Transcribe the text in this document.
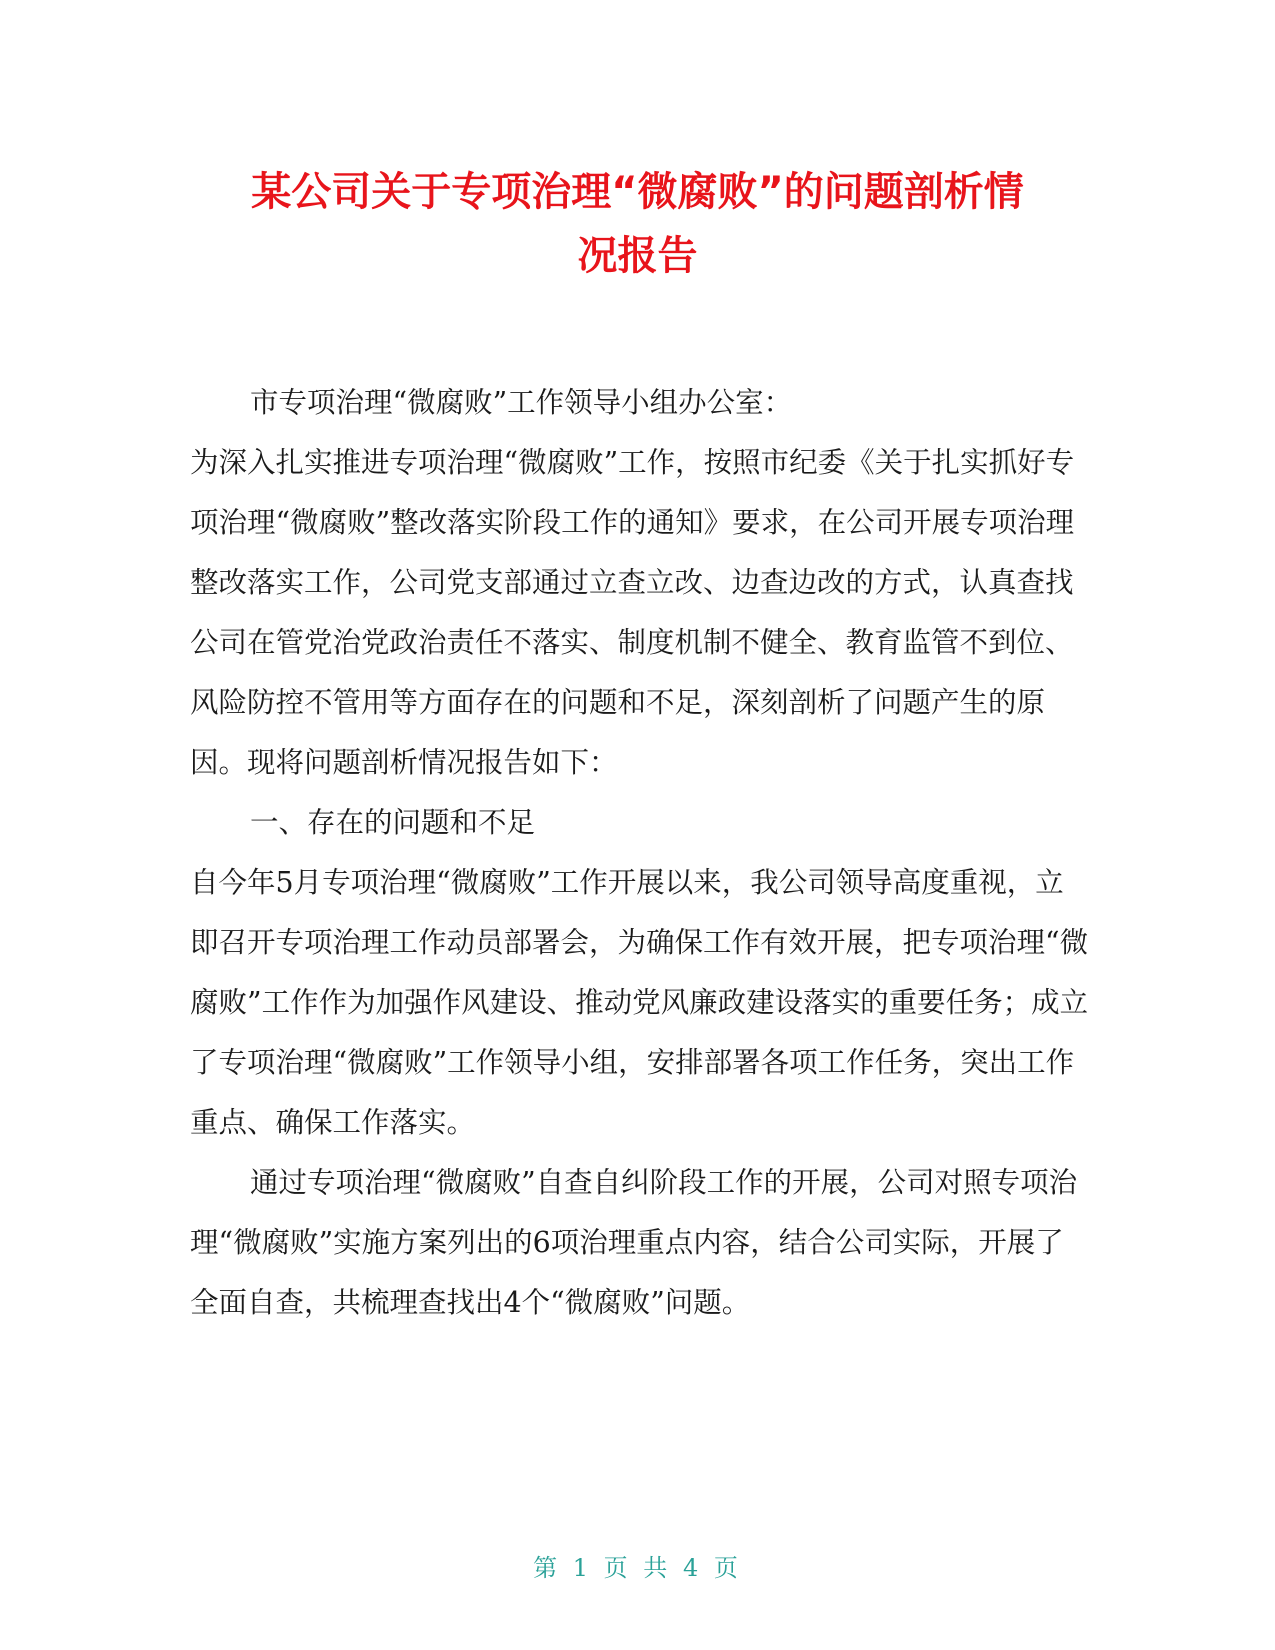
某公司关于专项治理“微腐败”的问题剖析情
况报告

市专项治理“微腐败”工作领导小组办公室：

为深入扎实推进专项治理“微腐败”工作，按照市纪委《关于扎实抓好专项治理“微腐败”整改落实阶段工作的通知》要求，在公司开展专项治理整改落实工作，公司党支部通过立查立改、边查边改的方式，认真查找公司在管党治党政治责任不落实、制度机制不健全、教育监管不到位、风险防控不管用等方面存在的问题和不足，深刻剖析了问题产生的原因。现将问题剖析情况报告如下：

一、存在的问题和不足

自今年5月专项治理“微腐败”工作开展以来，我公司领导高度重视，立即召开专项治理工作动员部署会，为确保工作有效开展，把专项治理“微腐败”工作作为加强作风建设、推动党风廉政建设落实的重要任务；成立了专项治理“微腐败”工作领导小组，安排部署各项工作任务，突出工作重点、确保工作落实。

通过专项治理“微腐败”自查自纠阶段工作的开展，公司对照专项治理“微腐败”实施方案列出的6项治理重点内容，结合公司实际，开展了全面自查，共梳理查找出4个“微腐败”问题。

第 1 页 共 4 页
